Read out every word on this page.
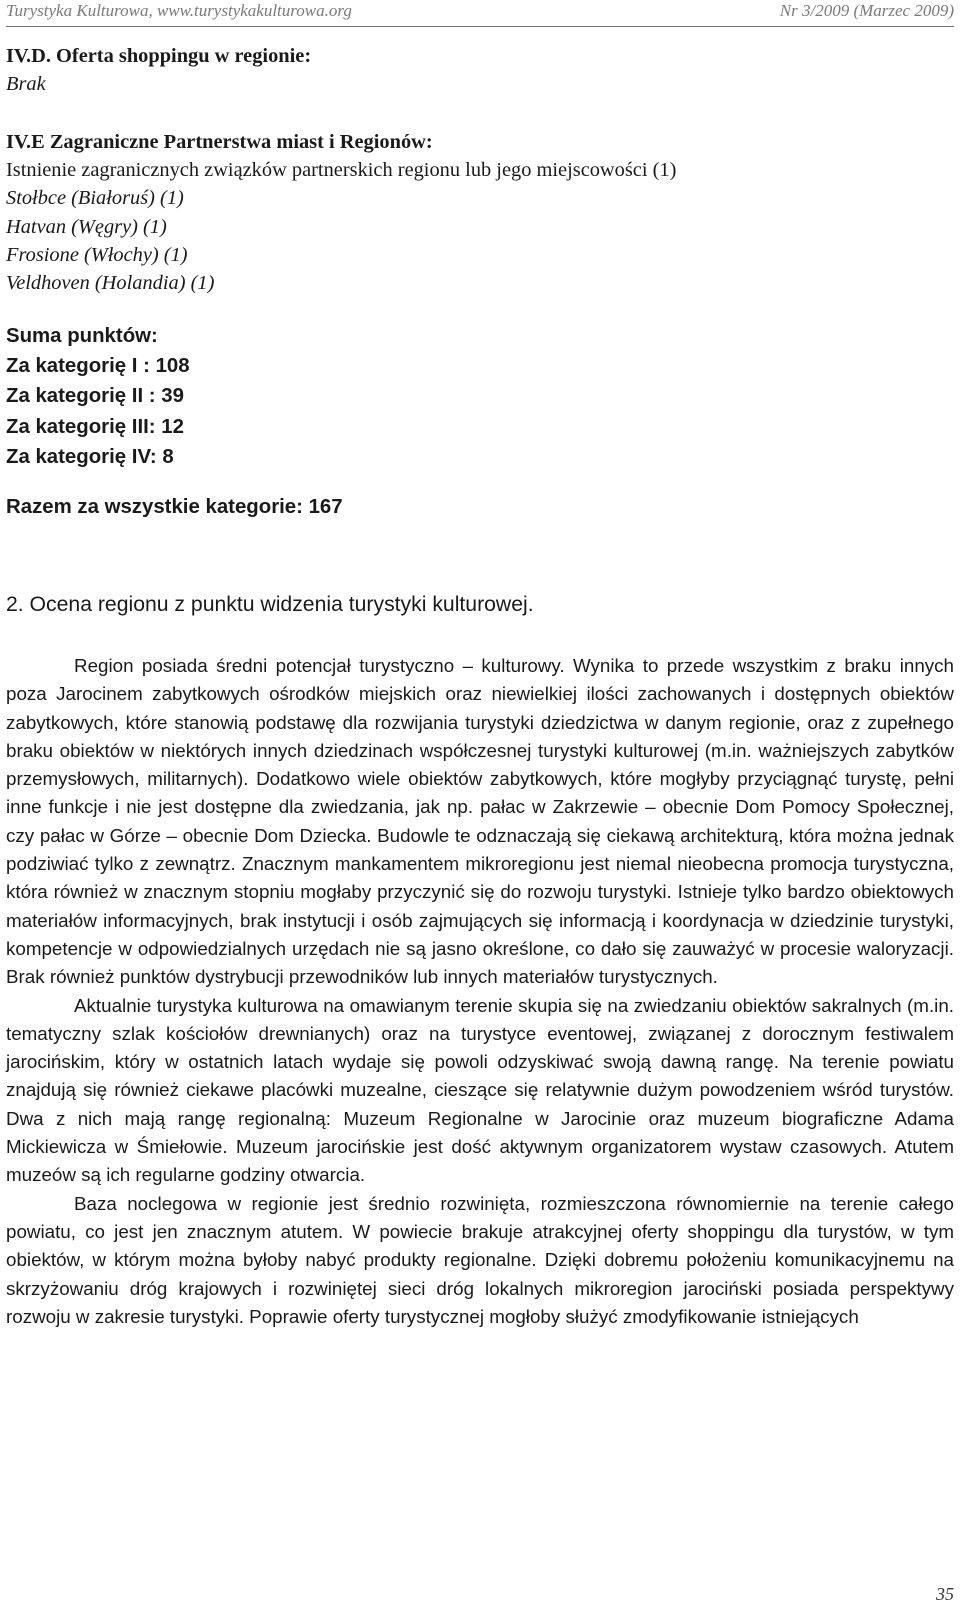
Turystyka Kulturowa, www.turystykakulturowa.org	Nr 3/2009 (Marzec 2009)
IV.D. Oferta shoppingu w regionie:
Brak
IV.E Zagraniczne Partnerstwa miast i Regionów:
Istnienie zagranicznych związków partnerskich regionu lub jego miejscowości (1)
Stołbce (Białoruś) (1)
Hatvan (Węgry) (1)
Frosione (Włochy) (1)
Veldhoven (Holandia) (1)
Suma punktów:
Za kategorię I : 108
Za kategorię II : 39
Za kategorię III: 12
Za kategorię IV: 8
Razem za wszystkie kategorie: 167
2. Ocena regionu z punktu widzenia turystyki kulturowej.

Region posiada średni potencjał turystyczno – kulturowy. Wynika to przede wszystkim z braku innych poza Jarocinem zabytkowych ośrodków miejskich oraz niewielkiej ilości zachowanych i dostępnych obiektów zabytkowych, które stanowią podstawę dla rozwijania turystyki dziedzictwa w danym regionie, oraz z zupełnego braku obiektów w niektórych innych dziedzinach współczesnej turystyki kulturowej (m.in. ważniejszych zabytków przemysłowych, militarnych). Dodatkowo wiele obiektów zabytkowych, które mogłyby przyciągnąć turystę, pełni inne funkcje i nie jest dostępne dla zwiedzania, jak np. pałac w Zakrzewie – obecnie Dom Pomocy Społecznej, czy pałac w Górze – obecnie Dom Dziecka. Budowle te odznaczają się ciekawą architekturą, która można jednak podziwiać tylko z zewnątrz. Znacznym mankamentem mikroregionu jest niemal nieobecna promocja turystyczna, która również w znacznym stopniu mogłaby przyczynić się do rozwoju turystyki. Istnieje tylko bardzo obiektowych materiałów informacyjnych, brak instytucji i osób zajmujących się informacją i koordynacja w dziedzinie turystyki, kompetencje w odpowiedzialnych urzędach nie są jasno określone, co dało się zauważyć w procesie waloryzacji. Brak również punktów dystrybucji przewodników lub innych materiałów turystycznych.

Aktualnie turystyka kulturowa na omawianym terenie skupia się na zwiedzaniu obiektów sakralnych (m.in. tematyczny szlak kościołów drewnianych) oraz na turystyce eventowej, związanej z dorocznym festiwalem jarocińskim, który w ostatnich latach wydaje się powoli odzyskiwać swoją dawną rangę. Na terenie powiatu znajdują się również ciekawe placówki muzealne, cieszące się relatywnie dużym powodzeniem wśród turystów. Dwa z nich mają rangę regionalną: Muzeum Regionalne w Jarocinie oraz muzeum biograficzne Adama Mickiewicza w Śmiełowie. Muzeum jarocińskie jest dość aktywnym organizatorem wystaw czasowych. Atutem muzeów są ich regularne godziny otwarcia.

Baza noclegowa w regionie jest średnio rozwinięta, rozmieszczona równomiernie na terenie całego powiatu, co jest jen znacznym atutem. W powiecie brakuje atrakcyjnej oferty shoppingu dla turystów, w tym obiektów, w którym można byłoby nabyć produkty regionalne. Dzięki dobremu położeniu komunikacyjnemu na skrzyżowaniu dróg krajowych i rozwiniętej sieci dróg lokalnych mikroregion jarociński posiada perspektywy rozwoju w zakresie turystyki. Poprawie oferty turystycznej mogłoby służyć zmodyfikowanie istniejących

35
